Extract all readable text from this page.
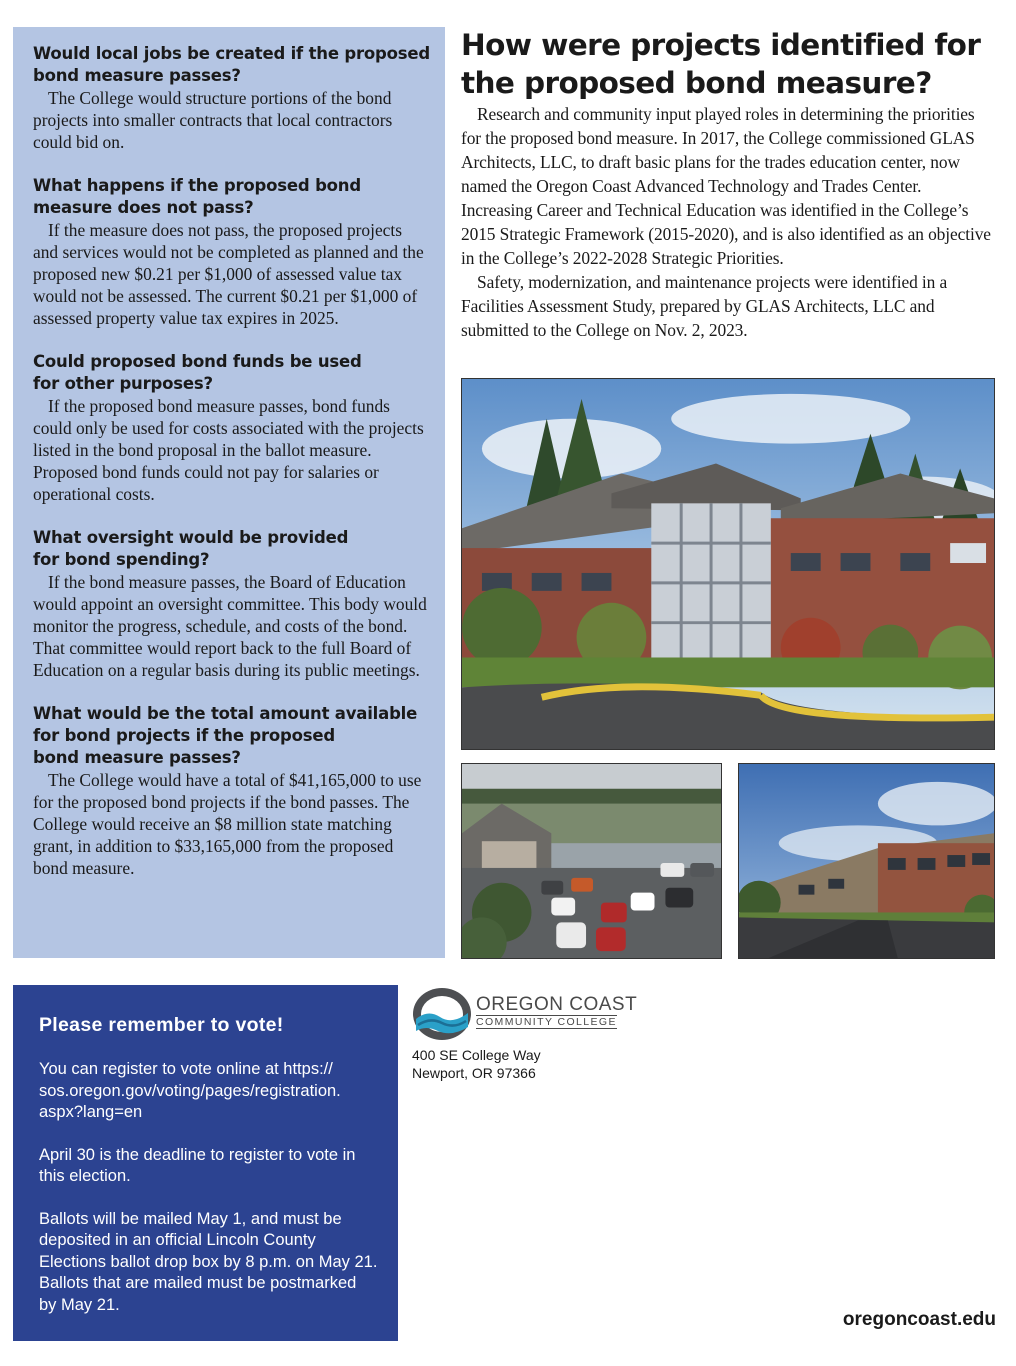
Would local jobs be created if the proposed
bond measure passes?

The College would structure portions of the bond projects into smaller contracts that local contractors could bid on.

What happens if the proposed bond
measure does not pass?

If the measure does not pass, the proposed projects and services would not be completed as planned and the proposed new $0.21 per $1,000 of assessed value tax would not be assessed. The current $0.21 per $1,000 of assessed property value tax expires in 2025.

Could proposed bond funds be used
for other purposes?

If the proposed bond measure passes, bond funds could only be used for costs associated with the projects listed in the bond proposal in the ballot measure. Proposed bond funds could not pay for salaries or operational costs.

What oversight would be provided
for bond spending?

If the bond measure passes, the Board of Education would appoint an oversight committee. This body would monitor the progress, schedule, and costs of the bond. That committee would report back to the full Board of Education on a regular basis during its public meetings.

What would be the total amount available
for bond projects if the proposed
bond measure passes?

The College would have a total of $41,165,000 to use for the proposed bond projects if the bond passes. The College would receive an $8 million state matching grant, in addition to $33,165,000 from the proposed bond measure.

How were projects identified for
the proposed bond measure?

Research and community input played roles in determining the priorities for the proposed bond measure. In 2017, the College commissioned GLAS Architects, LLC, to draft basic plans for the trades education center, now named the Oregon Coast Advanced Technology and Trades Center. Increasing Career and Technical Education was identified in the College’s 2015 Strategic Framework (2015-2020), and is also identified as an objective in the College’s 2022-2028 Strategic Priorities.

Safety, modernization, and maintenance projects were identified in a Facilities Assessment Study, prepared by GLAS Architects, LLC and submitted to the College on Nov. 2, 2023.

Please remember to vote!

You can register to vote online at https:// sos.oregon.gov/voting/pages/registration. aspx?lang=en

April 30 is the deadline to register to vote in this election.

Ballots will be mailed May 1, and must be deposited in an official Lincoln County Elections ballot drop box by 8 p.m. on May 21. Ballots that are mailed must be postmarked by May 21.

OREGON COAST
COMMUNITY COLLEGE
400 SE College Way
Newport, OR 97366
oregoncoast.edu
